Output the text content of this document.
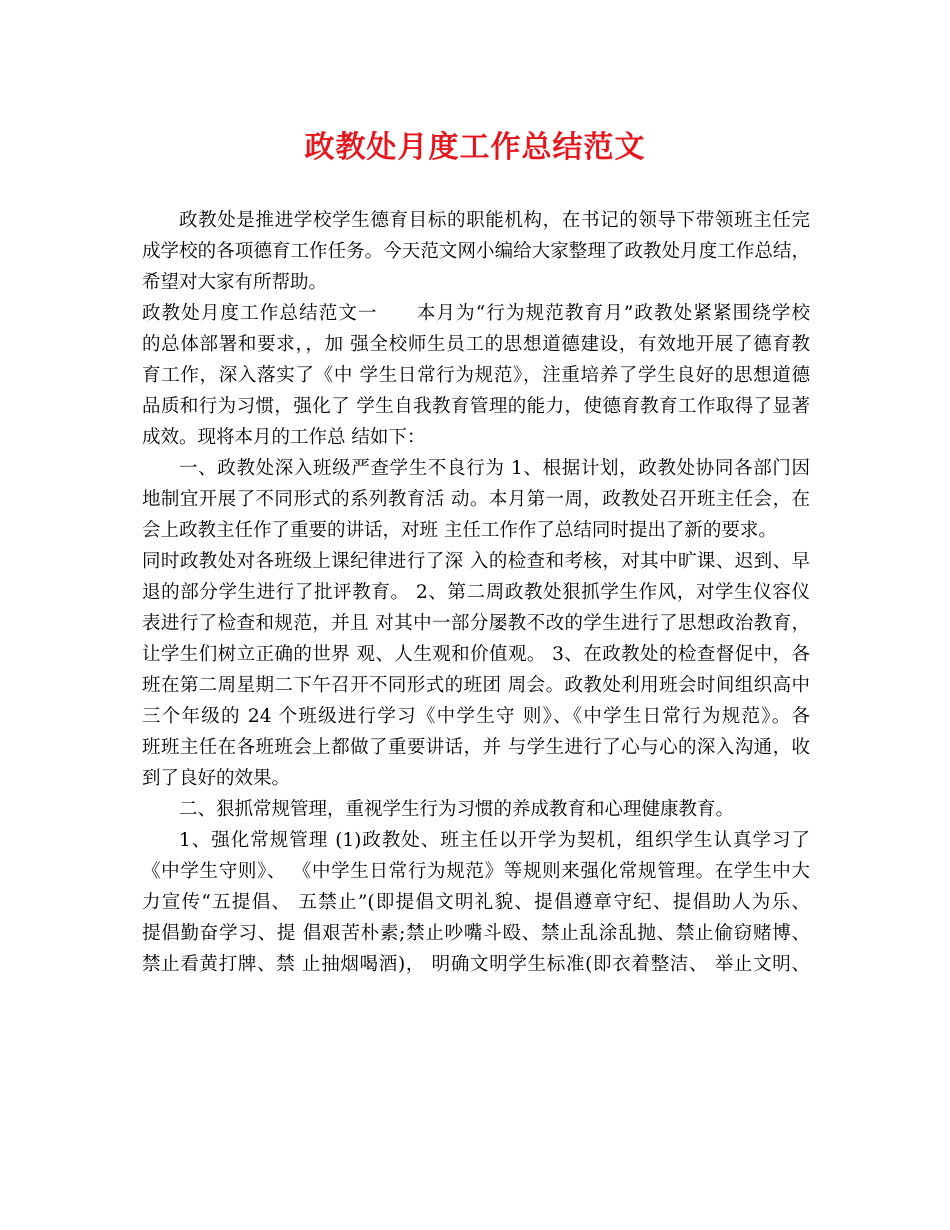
政教处月度工作总结范文
政教处是推进学校学生德育目标的职能机构，在书记的领导下带领班主任完
成学校的各项德育工作任务。今天范文网小编给大家整理了政教处月度工作总结，
希望对大家有所帮助。
政教处月度工作总结范文一　　本月为“行为规范教育月”政教处紧紧围绕学校
的总体部署和要求，，加 强全校师生员工的思想道德建设，有效地开展了德育教
育工作，深入落实了《中 学生日常行为规范》，注重培养了学生良好的思想道德
品质和行为习惯，强化了 学生自我教育管理的能力，使德育教育工作取得了显著
成效。现将本月的工作总 结如下：
一、政教处深入班级严查学生不良行为 1、根据计划，政教处协同各部门因
地制宜开展了不同形式的系列教育活 动。本月第一周，政教处召开班主任会，在
会上政教主任作了重要的讲话，对班 主任工作作了总结同时提出了新的要求。
同时政教处对各班级上课纪律进行了深 入的检查和考核，对其中旷课、迟到、早
退的部分学生进行了批评教育。 2、第二周政教处狠抓学生作风，对学生仪容仪
表进行了检查和规范，并且 对其中一部分屡教不改的学生进行了思想政治教育，
让学生们树立正确的世界 观、人生观和价值观。 3、在政教处的检查督促中，各
班在第二周星期二下午召开不同形式的班团 周会。政教处利用班会时间组织高中
三个年级的 24 个班级进行学习《中学生守 则》、《中学生日常行为规范》。各
班班主任在各班班会上都做了重要讲话，并 与学生进行了心与心的深入沟通，收
到了良好的效果。
二、狠抓常规管理，重视学生行为习惯的养成教育和心理健康教育。
1、强化常规管理 (1)政教处、班主任以开学为契机，组织学生认真学习了
《中学生守则》、 《中学生日常行为规范》等规则来强化常规管理。在学生中大
力宣传“五提倡、 五禁止”(即提倡文明礼貌、提倡遵章守纪、提倡助人为乐、
提倡勤奋学习、提 倡艰苦朴素;禁止吵嘴斗殴、禁止乱涂乱抛、禁止偷窃赌博、
禁止看黄打牌、禁 止抽烟喝酒)， 明确文明学生标准(即衣着整洁、 举止文明、
